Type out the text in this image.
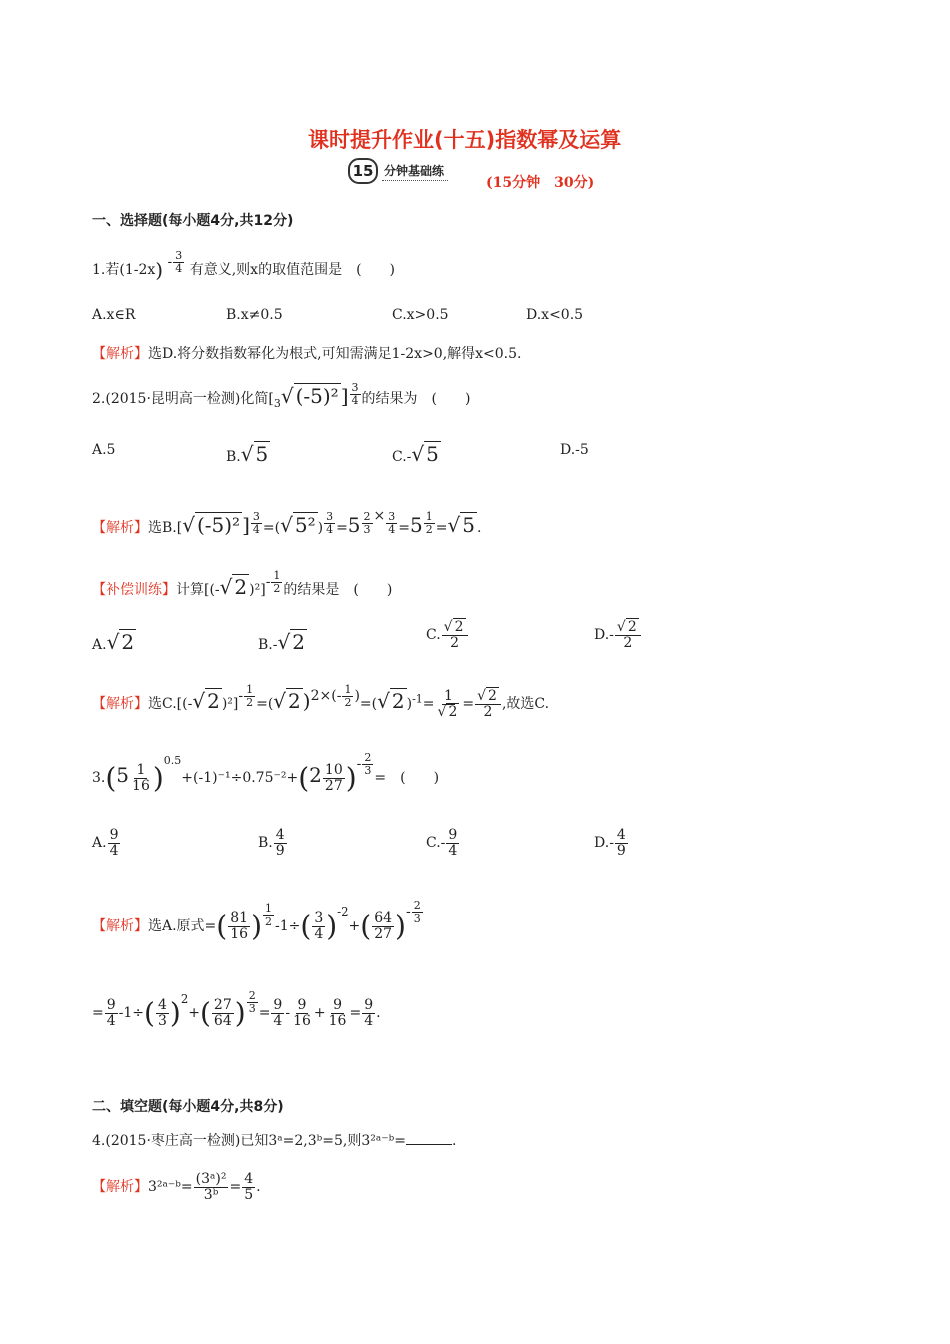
课时提升作业(十五)指数幂及运算
15 分钟基础练
(15分钟　30分)
一、选择题(每小题4分,共12分)
1.若$(1-2x) - \frac{3}{4}$ 有意义,则x的取值范围是　(　　)
A.x∈R	B.x≠0.5	C.x>0.5	D.x<0.5
【解析】选D.将分数指数幂化为根式,可知需满足1-2x>0,解得x<0.5.
2.(2015·昆明高一检测)化简[$_3√$ (-5)² ] $\frac{3}{4}$ 的结果为　(　　)
A.5	B.√ 5	C.-√ 5	D.-5
【解析】选B.[√ (-5)² ] $\frac{3}{4}$ =(√ 5² ) $\frac{3}{4} =5 \frac{2}{3} \times \frac{3}{4} =5 \frac{1}{2}$ =√ 5 .
【补偿训练】计算[(-√ 2 )$^2]- \frac{1}{2}$ 的结果是　(　　)
A.√ 2	B.-√ 2	C. $\frac{√ 2}{2}$	$D.- \frac{√ 2}{2}$
【解析】选C.[(-√ 2 )$^2]- \frac{1}{2}$ =(√ 2 )$2\times(- \frac{1}{2}$ )=(√ 2 )$^{-1}= \frac{1}{√ 2} = \frac{√ 2}{2}$ ,故选C.
$3.(5 \frac{1}{16} )^{0.5}+(-1)^{-1}\div 0.75^{-2}+(2 \frac{10}{27}$ )- $\frac{2}{3}$
=　(　　)
A. $\frac{9}{4}$	B. $\frac{4}{9}$	$C.- \frac{9}{4}$	$D.- \frac{4}{9}$
【解析】选A.原式=( $\frac{81}{16}$ ) $\frac{1}{2} -1\div( \frac{3}{4} )^{-2}+( \frac{64}{27}$ )- $\frac{2}{3}$
= $\frac{9}{4} -1\div( \frac{4}{3} )^2+( \frac{27}{64}$ ) $\frac{2}{3} = \frac{9}{4} - \frac{9}{16} + \frac{9}{16} = \frac{9}{4}$ .
二、填空题(每小题4分,共8分)
4.(2015·枣庄高一检测)已知3ᵃ=2,3ᵇ=5,则3²ᵃ⁻ᵇ=	.
【解析】3²ᵃ⁻ᵇ= $\frac{\text{(3ᵃ)²}}{\text{3ᵇ}} = \frac{4}{5}$ .
